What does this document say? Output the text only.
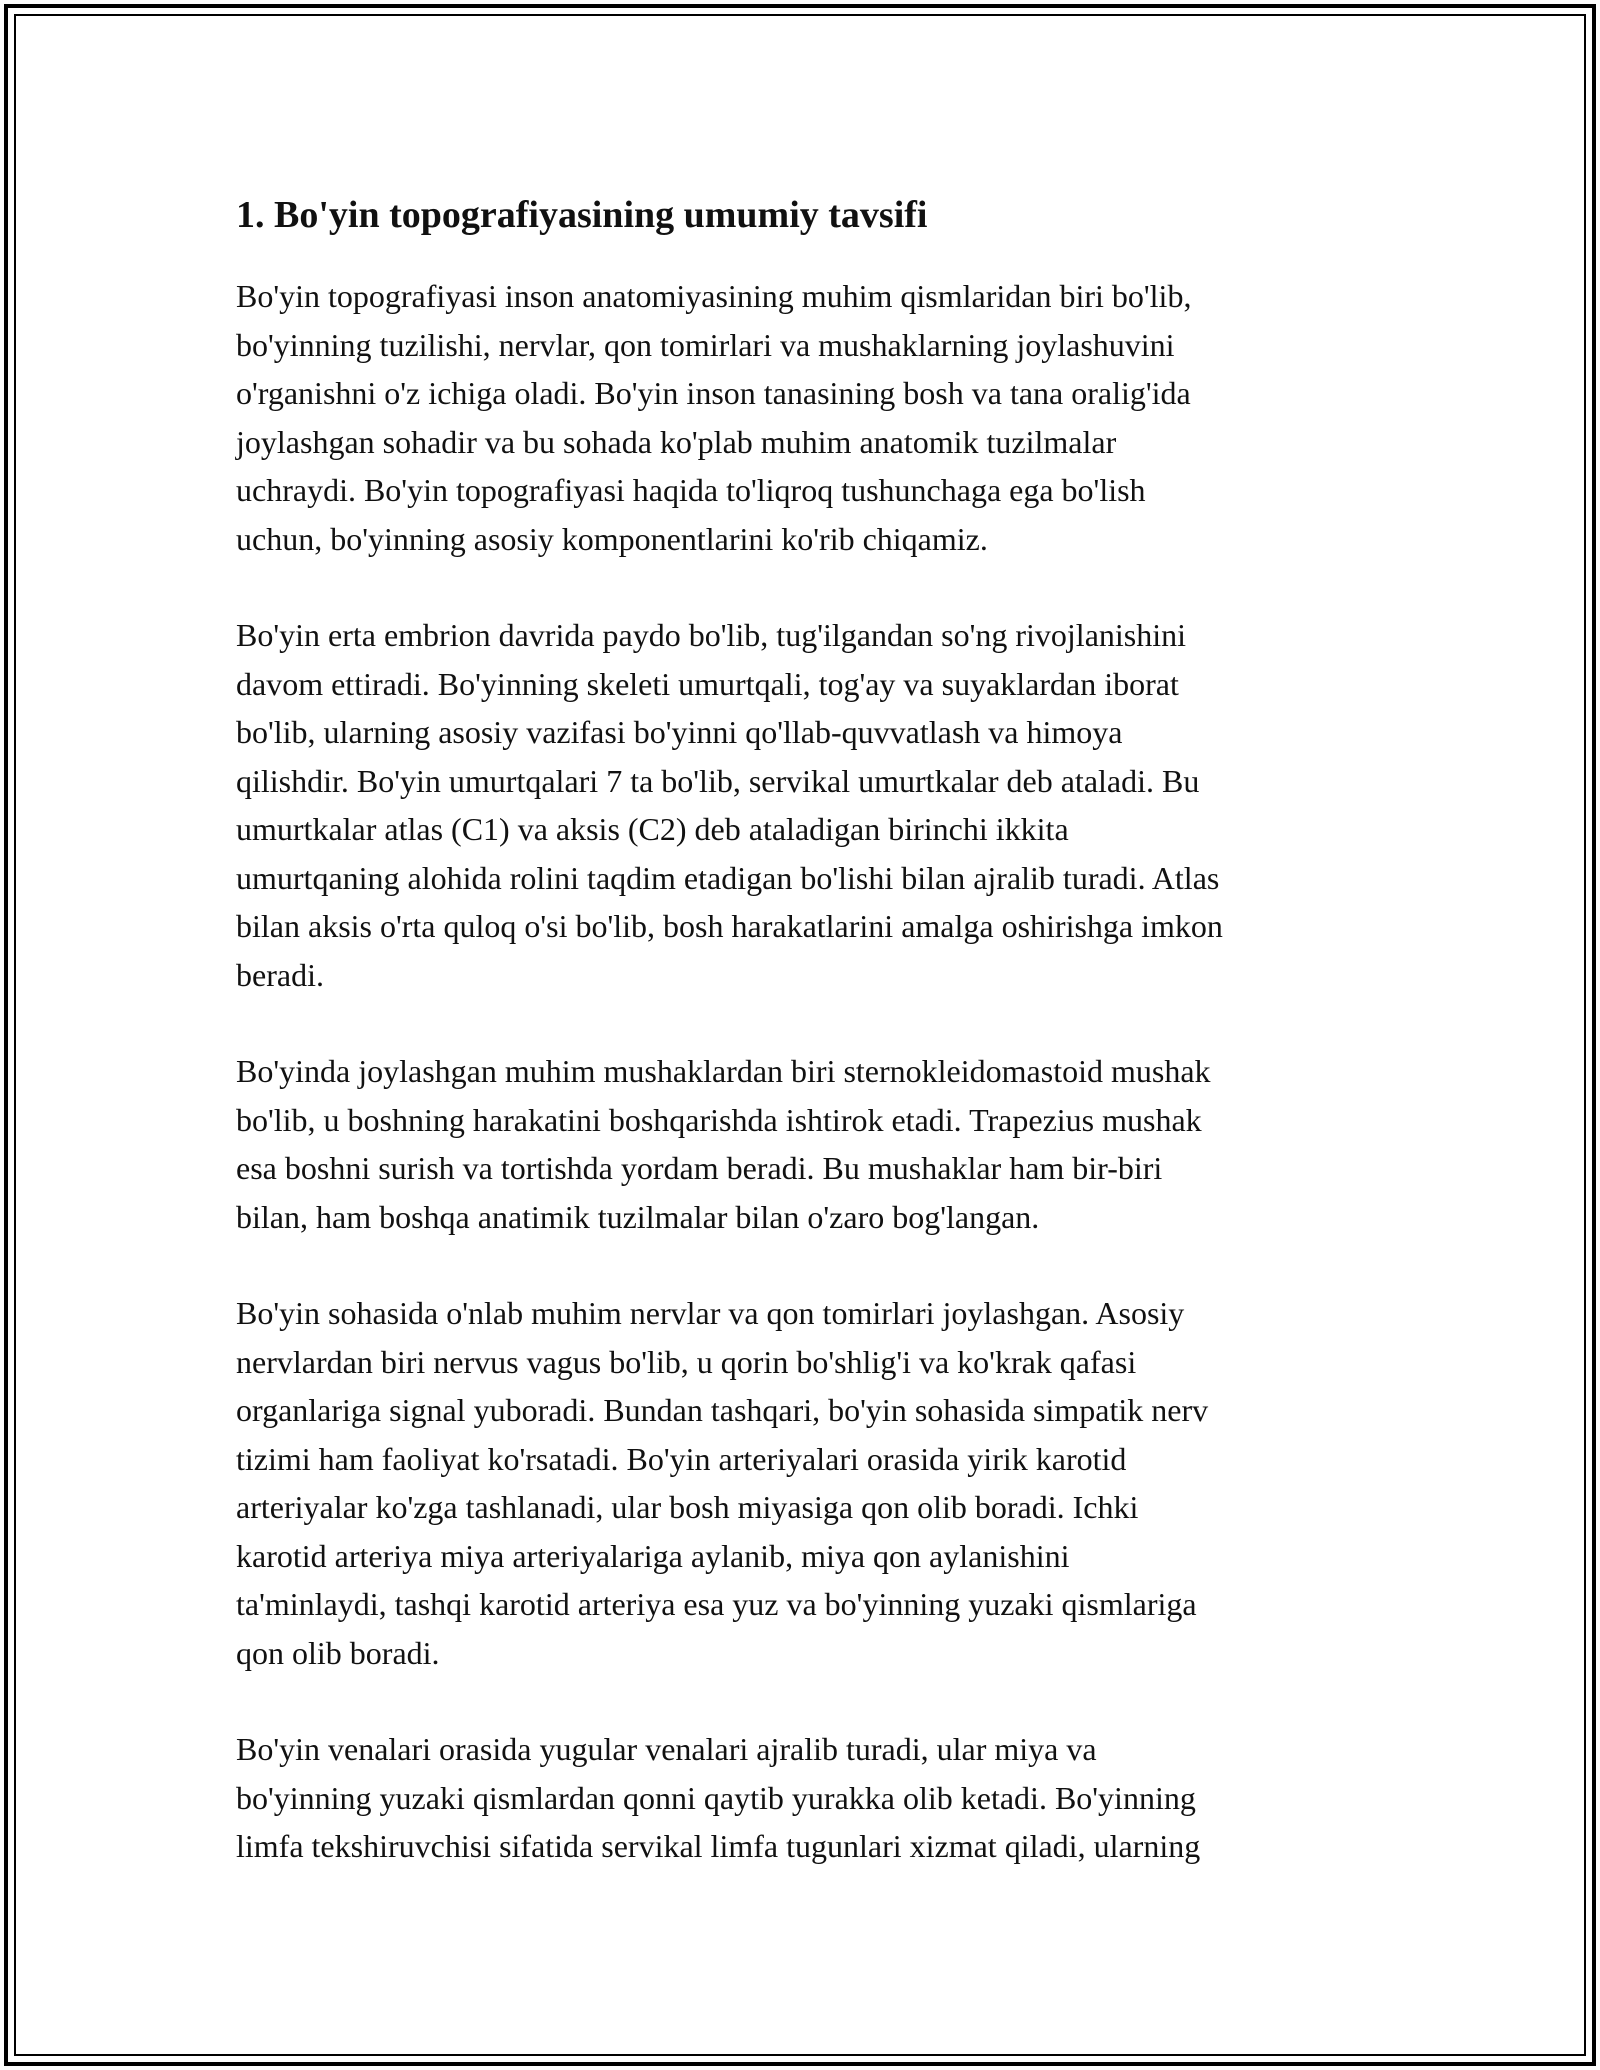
1. Bo'yin topografiyasining umumiy tavsifi

Bo'yin topografiyasi inson anatomiyasining muhim qismlaridan biri bo'lib,
bo'yinning tuzilishi, nervlar, qon tomirlari va mushaklarning joylashuvini
o'rganishni o'z ichiga oladi. Bo'yin inson tanasining bosh va tana oralig'ida
joylashgan sohadir va bu sohada ko'plab muhim anatomik tuzilmalar
uchraydi. Bo'yin topografiyasi haqida to'liqroq tushunchaga ega bo'lish
uchun, bo'yinning asosiy komponentlarini ko'rib chiqamiz.

Bo'yin erta embrion davrida paydo bo'lib, tug'ilgandan so'ng rivojlanishini
davom ettiradi. Bo'yinning skeleti umurtqali, tog'ay va suyaklardan iborat
bo'lib, ularning asosiy vazifasi bo'yinni qo'llab-quvvatlash va himoya
qilishdir. Bo'yin umurtqalari 7 ta bo'lib, servikal umurtkalar deb ataladi. Bu
umurtkalar atlas (C1) va aksis (C2) deb ataladigan birinchi ikkita
umurtqaning alohida rolini taqdim etadigan bo'lishi bilan ajralib turadi. Atlas
bilan aksis o'rta quloq o'si bo'lib, bosh harakatlarini amalga oshirishga imkon
beradi.

Bo'yinda joylashgan muhim mushaklardan biri sternokleidomastoid mushak
bo'lib, u boshning harakatini boshqarishda ishtirok etadi. Trapezius mushak
esa boshni surish va tortishda yordam beradi. Bu mushaklar ham bir-biri
bilan, ham boshqa anatimik tuzilmalar bilan o'zaro bog'langan.

Bo'yin sohasida o'nlab muhim nervlar va qon tomirlari joylashgan. Asosiy
nervlardan biri nervus vagus bo'lib, u qorin bo'shlig'i va ko'krak qafasi
organlariga signal yuboradi. Bundan tashqari, bo'yin sohasida simpatik nerv
tizimi ham faoliyat ko'rsatadi. Bo'yin arteriyalari orasida yirik karotid
arteriyalar ko'zga tashlanadi, ular bosh miyasiga qon olib boradi. Ichki
karotid arteriya miya arteriyalariga aylanib, miya qon aylanishini
ta'minlaydi, tashqi karotid arteriya esa yuz va bo'yinning yuzaki qismlariga
qon olib boradi.

Bo'yin venalari orasida yugular venalari ajralib turadi, ular miya va
bo'yinning yuzaki qismlardan qonni qaytib yurakka olib ketadi. Bo'yinning
limfa tekshiruvchisi sifatida servikal limfa tugunlari xizmat qiladi, ularning
